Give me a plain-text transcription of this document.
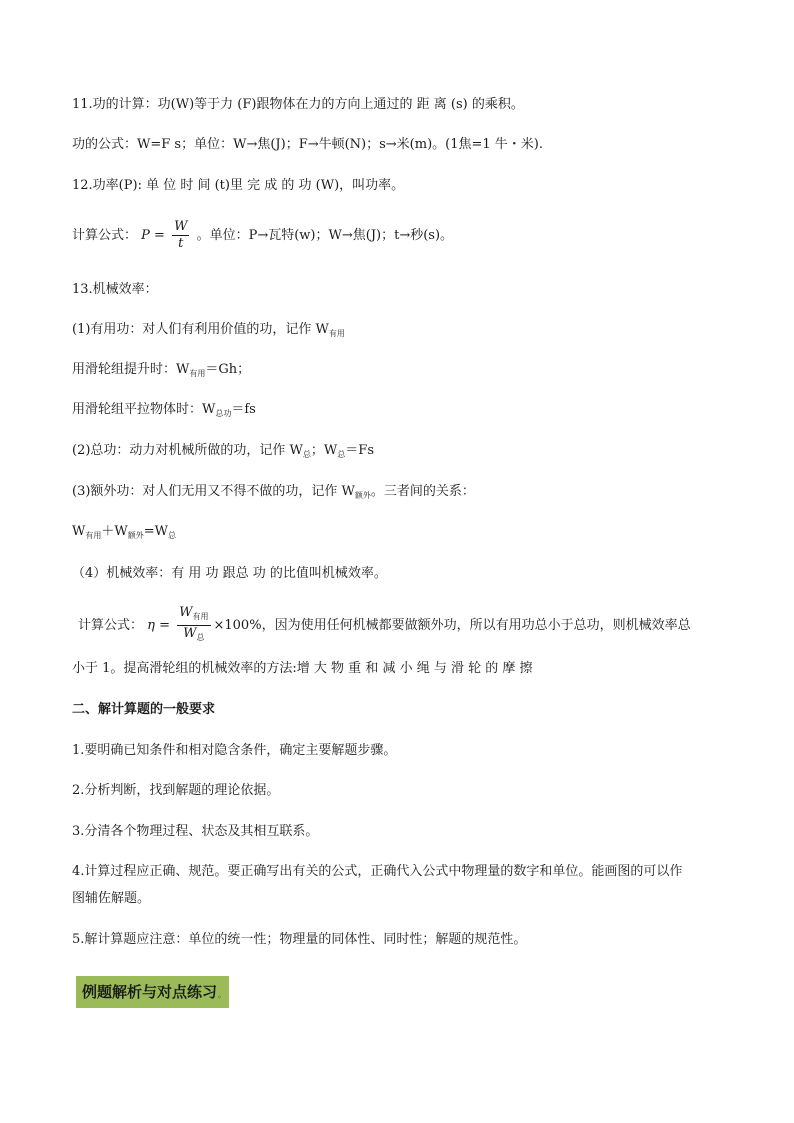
11.功的计算：功(W)等于力 (F)跟物体在力的方向上通过的 距 离 (s) 的乘积。
功的公式：W=F s；单位：W→焦(J)；F→牛顿(N)；s→米(m)。(1焦=1 牛・米).
12.功率(P): 单 位 时 间 (t)里 完 成 的 功 (W)，叫功率。
计算公式： $P = \frac{W}{t}$ 。单位：P→瓦特(w)；W→焦(J)；t→秒(s)。
13.机械效率：
(1)有用功：对人们有利用价值的功，记作 $W_{有用}$
用滑轮组提升时：$W_{有用}=Gh$；
用滑轮组平拉物体时：$W_{总功}=fs$
(2)总功：动力对机械所做的功，记作 $W_总$；$W_总=Fs$
(3)额外功：对人们无用又不得不做的功，记作 $W_{额外}$。三者间的关系：
$W_{有用}+W_{额外}=W_总$
（4）机械效率：有 用 功 跟总 功 的比值叫机械效率。
计算公式： $\eta = \frac{W_{有用}}{W_总} \times 100\%$，因为使用任何机械都要做额外功，所以有用功总小于总功，则机械效率总
小于 1。提高滑轮组的机械效率的方法:增 大 物 重 和 减 小 绳 与 滑 轮 的 摩 擦
二、解计算题的一般要求
1.要明确已知条件和相对隐含条件，确定主要解题步骤。
2.分析判断，找到解题的理论依据。
3.分清各个物理过程、状态及其相互联系。
4.计算过程应正确、规范。要正确写出有关的公式，正确代入公式中物理量的数字和单位。能画图的可以作
图辅佐解题。
5.解计算题应注意：单位的统一性；物理量的同体性、同时性；解题的规范性。
例题解析与对点练习$_◦$
